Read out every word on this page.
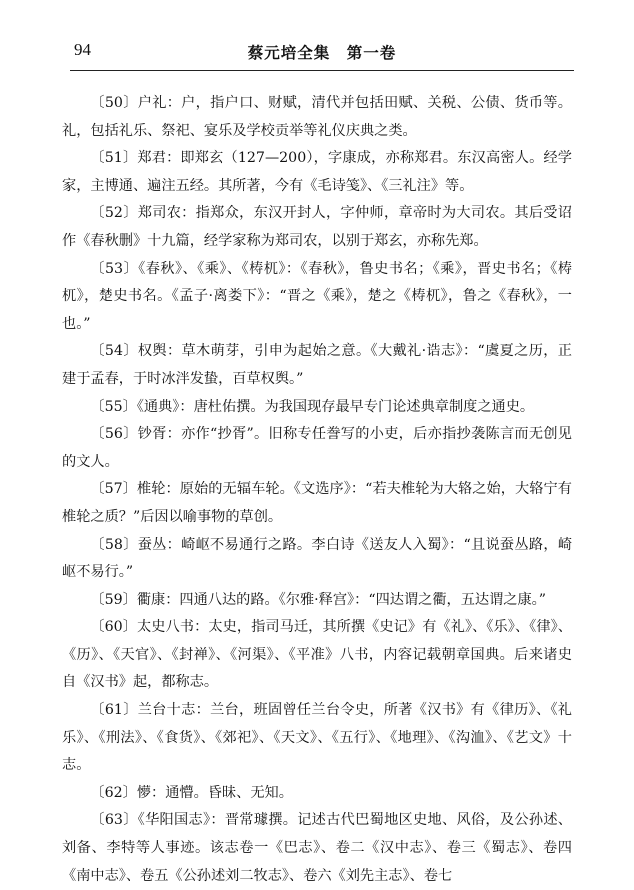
94	蔡元培全集　第一卷

〔50〕户礼：户，指户口、财赋，清代并包括田赋、关税、公债、货币等。礼，包括礼乐、祭祀、宴乐及学校贡举等礼仪庆典之类。

〔51〕郑君：即郑玄（127—200），字康成，亦称郑君。东汉高密人。经学家，主博通、遍注五经。其所著，今有《毛诗笺》、《三礼注》等。

〔52〕郑司农：指郑众，东汉开封人，字仲师，章帝时为大司农。其后受诏作《春秋删》十九篇，经学家称为郑司农，以别于郑玄，亦称先郑。

〔53〕《春秋》、《乘》、《梼杌》：《春秋》，鲁史书名；《乘》，晋史书名；《梼杌》，楚史书名。《孟子·离娄下》：“晋之《乘》，楚之《梼杌》，鲁之《春秋》，一也。”

〔54〕权舆：草木萌芽，引申为起始之意。《大戴礼·诰志》：“虞夏之历，正建于孟春，于时冰泮发蛰，百草权舆。”

〔55〕《通典》：唐杜佑撰。为我国现存最早专门论述典章制度之通史。

〔56〕钞胥：亦作“抄胥”。旧称专任誊写的小吏，后亦指抄袭陈言而无创见的文人。

〔57〕椎轮：原始的无辐车轮。《文选序》：“若夫椎轮为大辂之始，大辂宁有椎轮之质？”后因以喻事物的草创。

〔58〕蚕丛：崎岖不易通行之路。李白诗《送友人入蜀》：“且说蚕丛路，崎岖不易行。”

〔59〕衢康：四通八达的路。《尔雅·释宫》：“四达谓之衢，五达谓之康。”

〔60〕太史八书：太史，指司马迁，其所撰《史记》有《礼》、《乐》、《律》、《历》、《天官》、《封禅》、《河渠》、《平准》八书，内容记载朝章国典。后来诸史自《汉书》起，都称志。

〔61〕兰台十志：兰台，班固曾任兰台令史，所著《汉书》有《律历》、《礼乐》、《刑法》、《食货》、《郊祀》、《天文》、《五行》、《地理》、《沟洫》、《艺文》十志。

〔62〕懜：通懵。昏昧、无知。

〔63〕《华阳国志》：晋常璩撰。记述古代巴蜀地区史地、风俗，及公孙述、刘备、李特等人事迹。该志卷一《巴志》、卷二《汉中志》、卷三《蜀志》、卷四《南中志》、卷五《公孙述刘二牧志》、卷六《刘先主志》、卷七
